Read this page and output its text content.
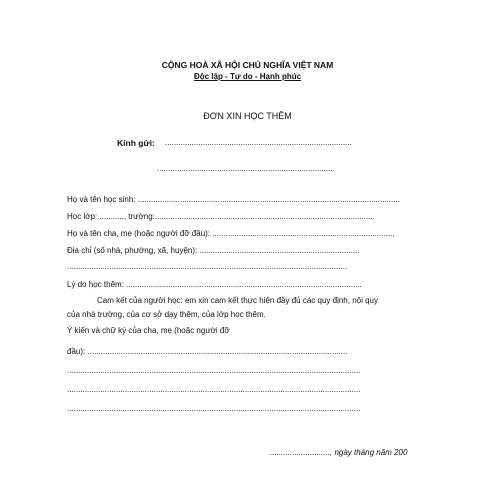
CỘNG HOÀ XÃ HỘI CHỦ NGHĨA VIỆT NAM
Độc lập - Tự do - Hạnh phúc
ĐƠN XIN HỌC THÊM
Kính gửi: ....................................................................................
...............................................................................
Họ và tên học sinh: ......................................................................................................................
Học lớp: ..........., trường:..................................................................................................
Họ và tên cha, mẹ (hoặc người đỡ đầu): ..................................................................................
Địa chỉ (số nhà, phường, xã, huyện): ........................................................................
..............................................................................................................................
Lý do học thêm: ..........................................................................................................
Cam kết của người học: em xin cam kết thực hiện đầy đủ các quy định, nội quy
của nhà trường, của cơ sở dạy thêm, của lớp học thêm.
Ý kiến và chữ ký của cha, mẹ (hoặc người đỡ
đầu): .....................................................................................................................
....................................................................................................................................
....................................................................................................................................
....................................................................................................................................
..........................., ngày tháng năm 200
